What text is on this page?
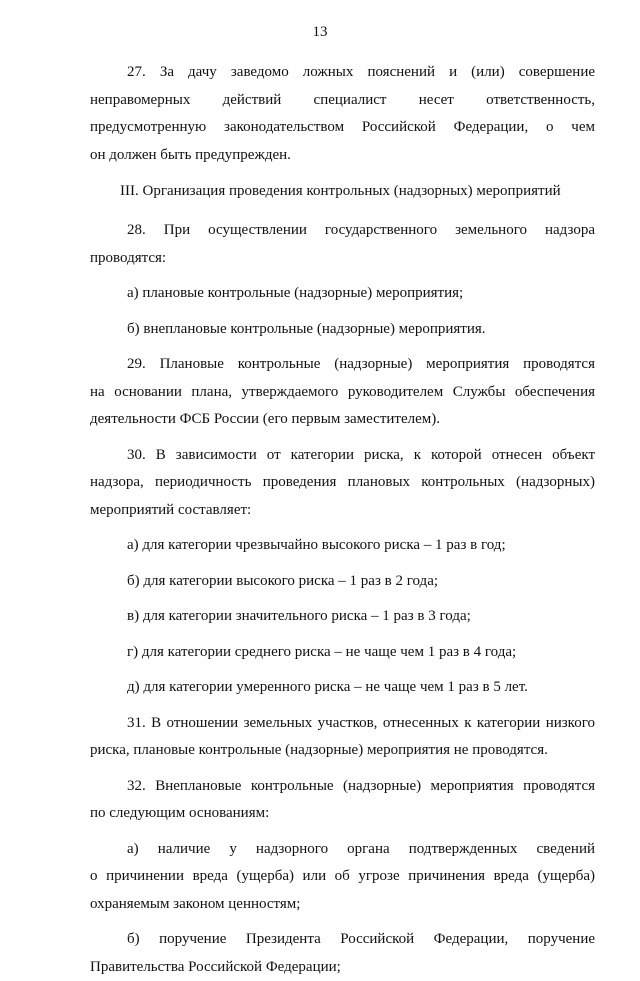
13
27. За дачу заведомо ложных пояснений и (или) совершение
неправомерных действий специалист несет ответственность,
предусмотренную законодательством Российской Федерации, о чем
он должен быть предупрежден.
III. Организация проведения контрольных (надзорных) мероприятий
28. При осуществлении государственного земельного надзора
проводятся:
а) плановые контрольные (надзорные) мероприятия;
б) внеплановые контрольные (надзорные) мероприятия.
29. Плановые контрольные (надзорные) мероприятия проводятся
на основании плана, утверждаемого руководителем Службы обеспечения
деятельности ФСБ России (его первым заместителем).
30. В зависимости от категории риска, к которой отнесен объект
надзора, периодичность проведения плановых контрольных (надзорных)
мероприятий составляет:
а) для категории чрезвычайно высокого риска – 1 раз в год;
б) для категории высокого риска – 1 раз в 2 года;
в) для категории значительного риска – 1 раз в 3 года;
г) для категории среднего риска – не чаще чем 1 раз в 4 года;
д) для категории умеренного риска – не чаще чем 1 раз в 5 лет.
31. В отношении земельных участков, отнесенных к категории низкого
риска, плановые контрольные (надзорные) мероприятия не проводятся.
32. Внеплановые контрольные (надзорные) мероприятия проводятся
по следующим основаниям:
а) наличие у надзорного органа подтвержденных сведений
о причинении вреда (ущерба) или об угрозе причинения вреда (ущерба)
охраняемым законом ценностям;
б) поручение Президента Российской Федерации, поручение
Правительства Российской Федерации;
